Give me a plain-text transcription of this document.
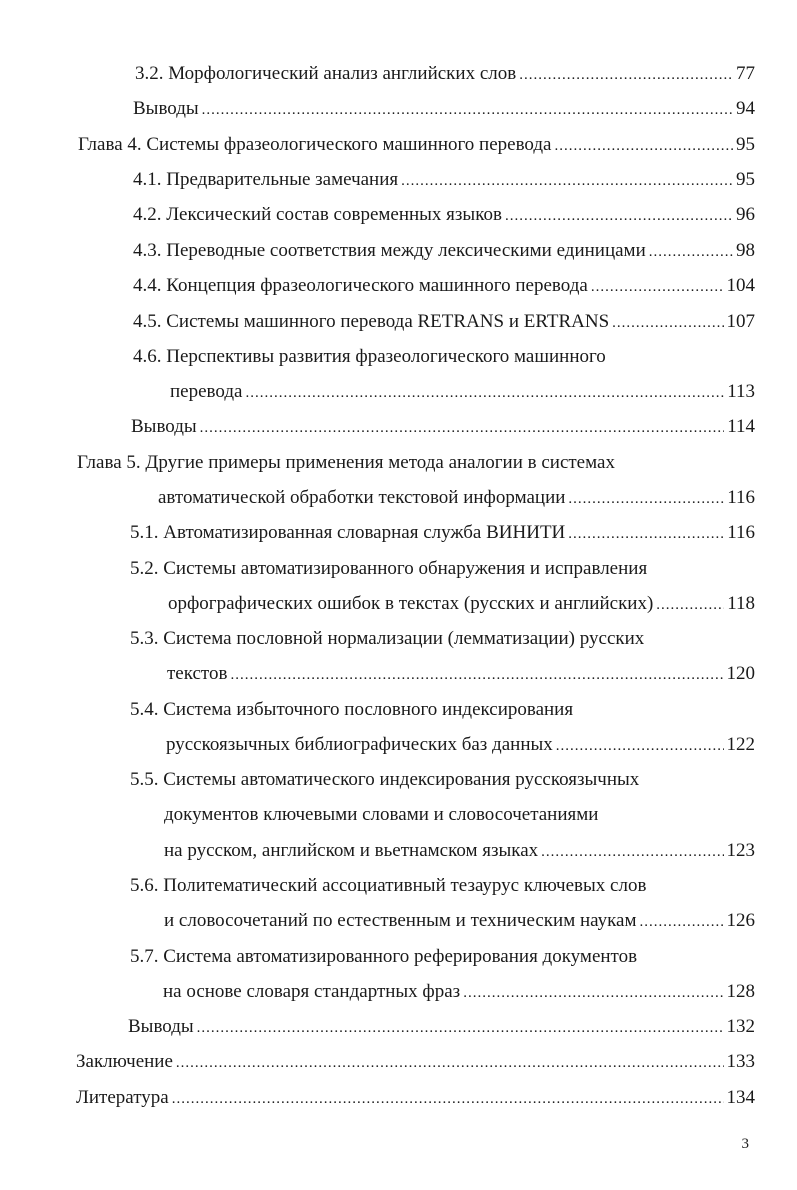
3.2. Морфологический анализ английских слов .....	77
Выводы .....	94
Глава 4. Системы фразеологического машинного перевода .....	95
4.1. Предварительные замечания .....	95
4.2. Лексический состав современных языков .....	96
4.3. Переводные соответствия между лексическими единицами .....	98
4.4. Концепция фразеологического машинного перевода .....	104
4.5. Системы машинного перевода RETRANS и ERTRANS .....	107
4.6. Перспективы развития фразеологического машинного
перевода .....	113
Выводы .....	114
Глава 5. Другие примеры применения метода аналогии в системах
автоматической обработки текстовой информации .....	116
5.1. Автоматизированная словарная служба ВИНИТИ .....	116
5.2. Системы автоматизированного обнаружения и исправления
орфографических ошибок в текстах (русских и английских) .....	118
5.3. Система пословной нормализации (лемматизации) русских
текстов .....	120
5.4. Система избыточного пословного индексирования
русскоязычных библиографических баз данных .....	122
5.5. Системы автоматического индексирования русскоязычных
документов ключевыми словами и словосочетаниями
на русском, английском и вьетнамском языках .....	123
5.6. Политематический ассоциативный тезаурус ключевых слов
и словосочетаний по естественным и техническим наукам .....	126
5.7. Система автоматизированного реферирования документов
на основе словаря стандартных фраз .....	128
Выводы .....	132
Заключение .....	133
Литература .....	134
3
